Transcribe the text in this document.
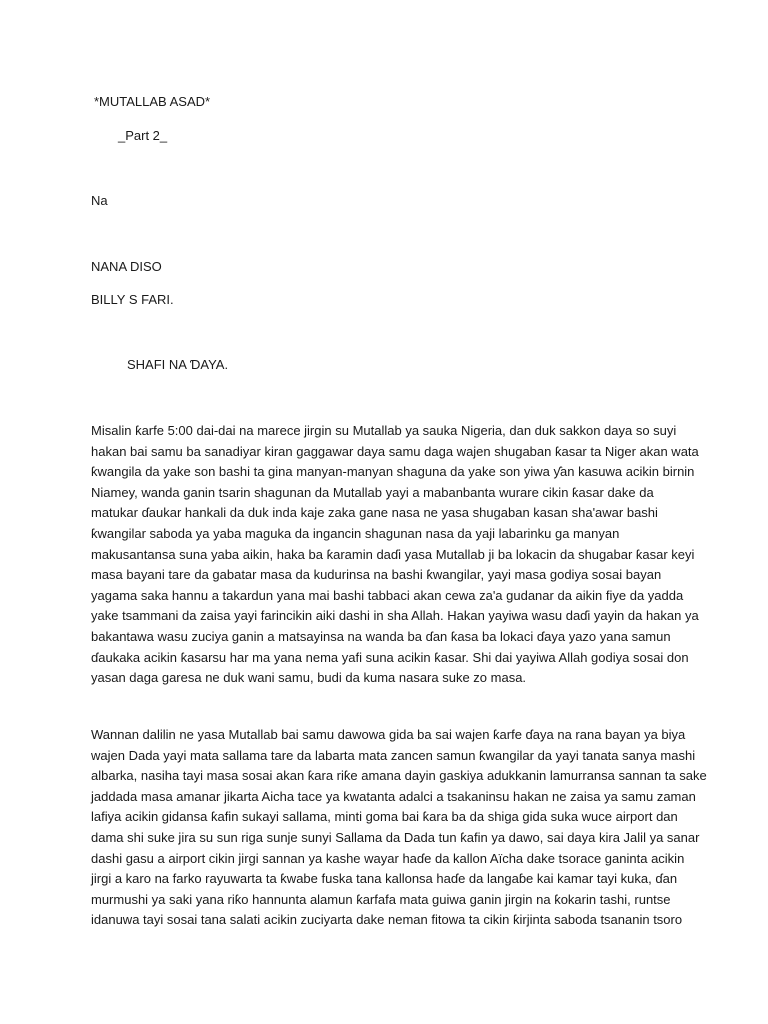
*MUTALLAB ASAD*

_Part 2_

Na

NANA DISO

BILLY S FARI.

SHAFI NA ƊAYA.

Misalin ƙarfe 5:00 dai-dai na marece jirgin su Mutallab ya sauka Nigeria, dan duk sakkon daya so suyi
hakan bai samu ba sanadiyar kiran gaggawar daya samu daga wajen shugaban ƙasar ta Niger akan wata
ƙwangila da yake son bashi ta gina manyan-manyan shaguna da yake son yiwa ƴan kasuwa acikin birnin
Niamey, wanda ganin tsarin shagunan da Mutallab yayi a mabanbanta wurare cikin ƙasar dake da
matukar ɗaukar hankali da duk inda kaje zaka gane nasa ne yasa shugaban kasan sha'awar bashi
ƙwangilar saboda ya yaba maguka da ingancin shagunan nasa da yaji labarinku ga manyan
makusantansa suna yaba aikin, haka ba ƙaramin daɗi yasa Mutallab ji ba lokacin da shugabar ƙasar keyi
masa bayani tare da gabatar masa da kudurinsa na bashi ƙwangilar, yayi masa godiya sosai bayan
yagama saka hannu a takardun yana mai bashi tabbaci akan cewa za'a gudanar da aikin fiye da yadda
yake tsammani da zaisa yayi farincikin aiki dashi in sha Allah. Hakan yayiwa wasu daɗi yayin da hakan ya
bakantawa wasu zuciya ganin a matsayinsa na wanda ba ɗan ƙasa ba lokaci ɗaya yazo yana samun
ɗaukaka acikin ƙasarsu har ma yana nema yafi suna acikin ƙasar. Shi dai yayiwa Allah godiya sosai don
yasan daga garesa ne duk wani samu, budi da kuma nasara suke zo masa.
Wannan dalilin ne yasa Mutallab bai samu dawowa gida ba sai wajen ƙarfe ɗaya na rana bayan ya biya
wajen Dada yayi mata sallama tare da labarta mata zancen samun ƙwangilar da yayi tanata sanya mashi
albarka, nasiha tayi masa sosai akan ƙara riƙe amana dayin gaskiya adukkanin lamurransa sannan ta sake
jaddada masa amanar jikarta Aicha tace ya kwatanta adalci a tsakaninsu hakan ne zaisa ya samu zaman
lafiya acikin gidansa ƙafin sukayi sallama, minti goma bai ƙara ba da shiga gida suka wuce airport dan
dama shi suke jira su sun riga sunje sunyi Sallama da Dada tun ƙafin ya dawo, sai daya kira Jalil ya sanar
dashi gasu a airport cikin jirgi sannan ya kashe wayar haɗe da kallon Aïcha dake tsorace ganinta acikin
jirgi a karo na farko rayuwarta ta ƙwabe fuska tana kallonsa haɗe da langaɓe kai kamar tayi kuka, ɗan
murmushi ya saki yana riƙo hannunta alamun ƙarfafa mata guiwa ganin jirgin na ƙokarin tashi, runtse
idanuwa tayi sosai tana salati acikin zuciyarta dake neman fitowa ta cikin ƙirjinta saboda tsananin tsoro
